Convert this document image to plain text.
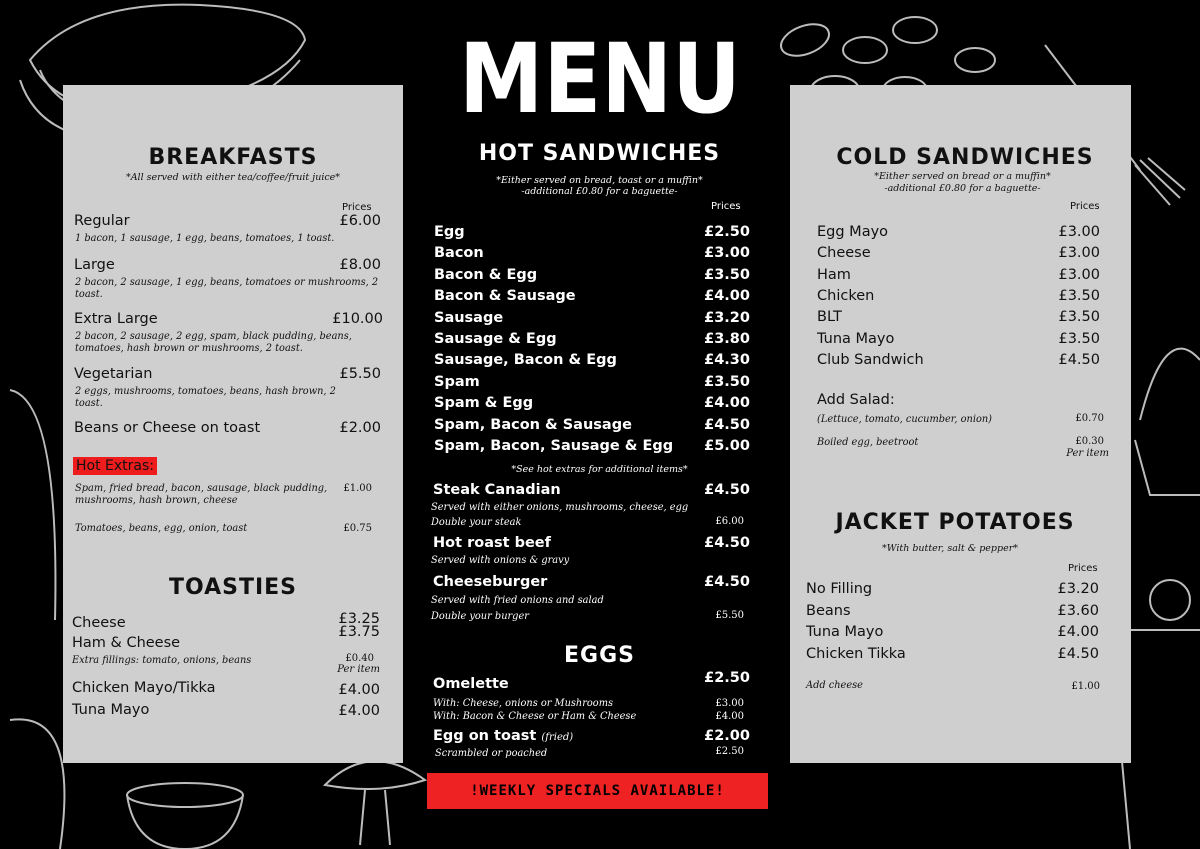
MENU
BREAKFASTS
*All served with either tea/coffee/fruit juice*
Prices
Regular	£6.00
1 bacon, 1 sausage, 1 egg, beans, tomatoes, 1 toast.
Large	£8.00
2 bacon, 2 sausage, 1 egg, beans, tomatoes or mushrooms, 2 toast.
Extra Large	£10.00
2 bacon, 2 sausage, 2 egg, spam, black pudding, beans, tomatoes, hash brown or mushrooms, 2 toast.
Vegetarian	£5.50
2 eggs, mushrooms, tomatoes, beans, hash brown, 2 toast.
Beans or Cheese on toast	£2.00
Hot Extras:
Spam, fried bread, bacon, sausage, black pudding, mushrooms, hash brown, cheese
£1.00
Tomatoes, beans, egg, onion, toast	£0.75
TOASTIES
Cheese	£3.25
Ham & Cheese
£3.75
Extra fillings: tomato, onions, beans	£0.40
Per item
Chicken Mayo/Tikka	£4.00
Tuna Mayo	£4.00
HOT SANDWICHES
*Either served on bread, toast or a muffin*
-additional £0.80 for a baguette-
Prices
Egg	£2.50
Bacon	£3.00
Bacon & Egg	£3.50
Bacon & Sausage	£4.00
Sausage	£3.20
Sausage & Egg	£3.80
Sausage, Bacon & Egg	£4.30
Spam	£3.50
Spam & Egg	£4.00
Spam, Bacon & Sausage	£4.50
Spam, Bacon, Sausage & Egg	£5.00
*See hot extras for additional items*
Steak Canadian	£4.50
Served with either onions, mushrooms, cheese, egg
Double your steak	£6.00
Hot roast beef	£4.50
Served with onions & gravy
Cheeseburger	£4.50
Served with fried onions and salad
Double your burger	£5.50
EGGS
Omelette	£2.50
With: Cheese, onions or Mushrooms	£3.00
With: Bacon & Cheese or Ham & Cheese	£4.00
Egg on toast (fried)	£2.00
Scrambled or poached	£2.50
!WEEKLY SPECIALS AVAILABLE!
COLD SANDWICHES
*Either served on bread or a muffin*
-additional £0.80 for a baguette-
Prices
Egg Mayo	£3.00
Cheese	£3.00
Ham	£3.00
Chicken	£3.50
BLT	£3.50
Tuna Mayo	£3.50
Club Sandwich	£4.50
Add Salad:
(Lettuce, tomato, cucumber, onion)	£0.70
Boiled egg, beetroot	£0.30
Per item
JACKET POTATOES
*With butter, salt & pepper*
Prices
No Filling	£3.20
Beans	£3.60
Tuna Mayo	£4.00
Chicken Tikka	£4.50
Add cheese	£1.00
